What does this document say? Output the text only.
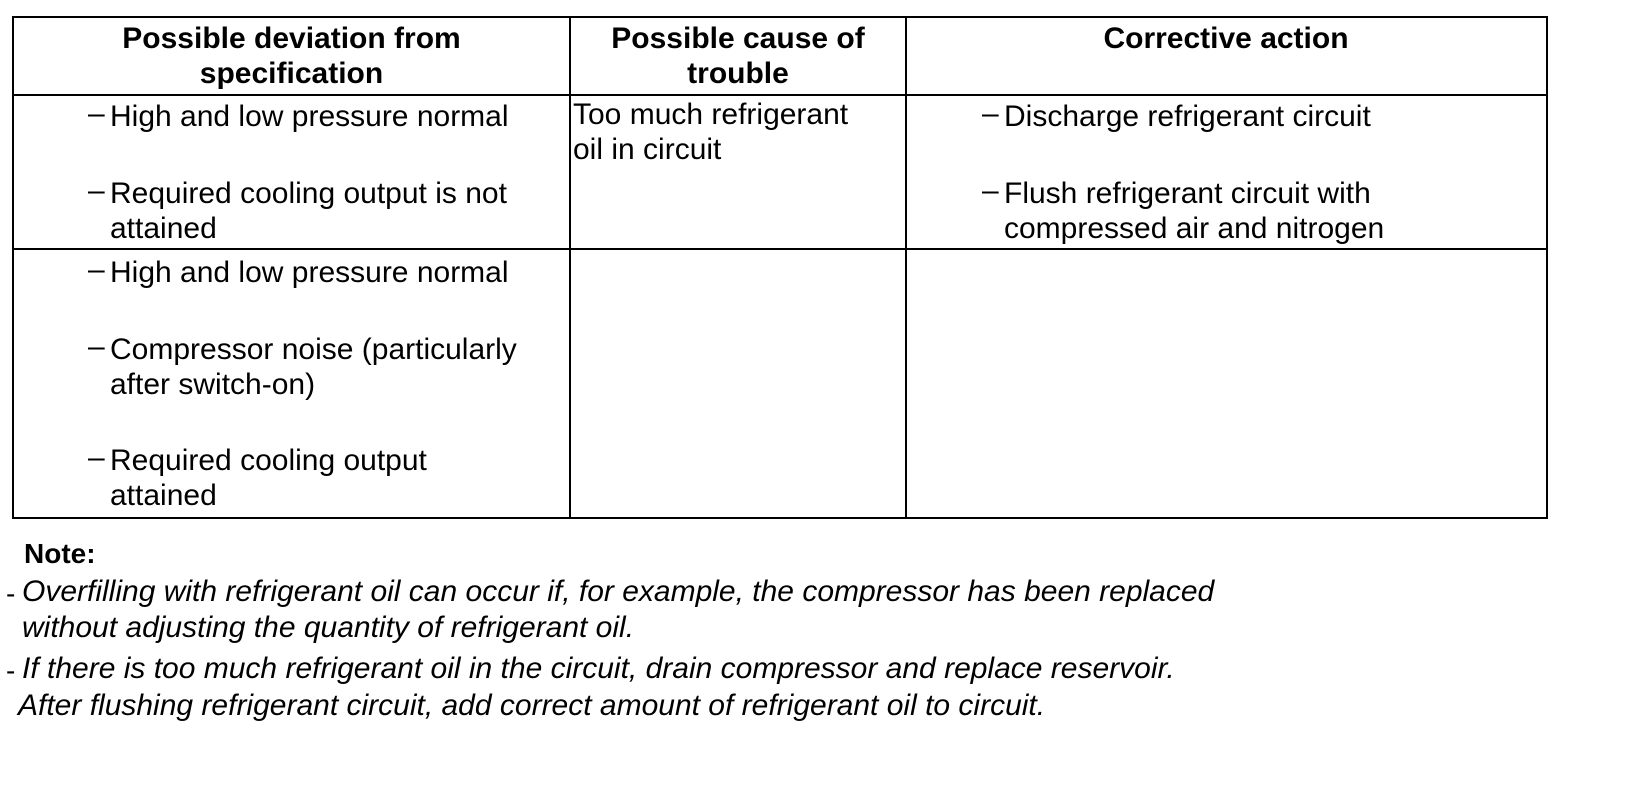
Possible deviation from
specification
Possible cause of
trouble
Corrective action
– High and low pressure normal
– Required cooling output is not
attained
Too much refrigerant
oil in circuit
– Discharge refrigerant circuit
– Flush refrigerant circuit with
compressed air and nitrogen
– High and low pressure normal
– Compressor noise (particularly
after switch-on)
– Required cooling output
attained
Note:
- Overfilling with refrigerant oil can occur if, for example, the compressor has been replaced
without adjusting the quantity of refrigerant oil.
- If there is too much refrigerant oil in the circuit, drain compressor and replace reservoir.
After flushing refrigerant circuit, add correct amount of refrigerant oil to circuit.
